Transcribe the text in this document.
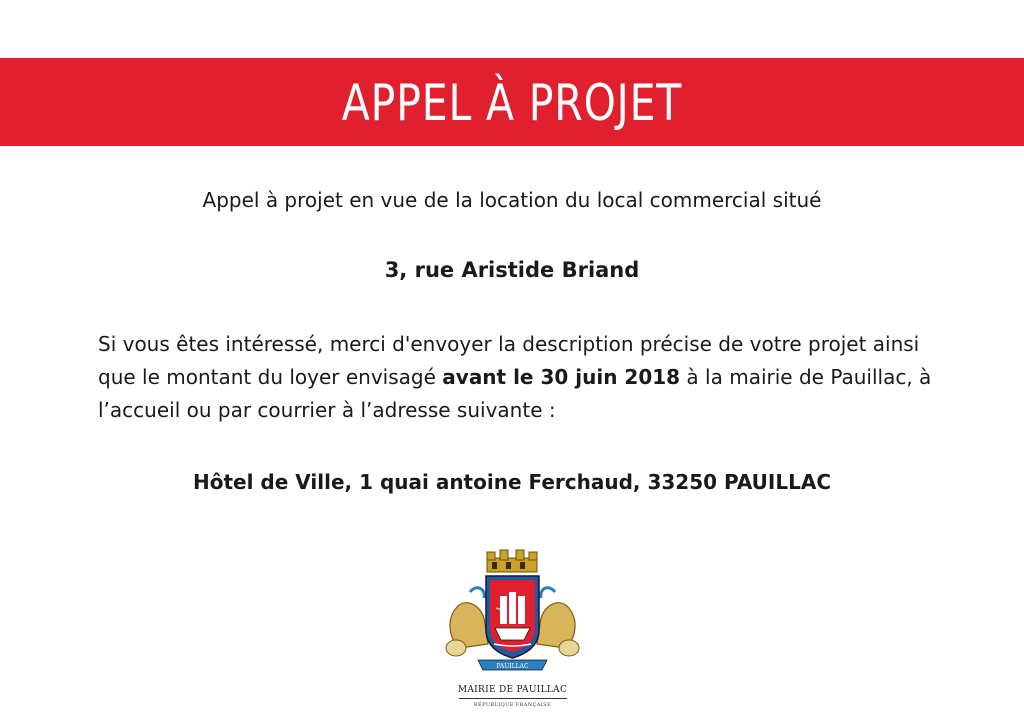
APPEL À PROJET
Appel à projet en vue de la location du local commercial situé
3, rue Aristide Briand
Si vous êtes intéressé, merci d'envoyer la description précise de votre projet ainsi que le montant du loyer envisagé avant le 30 juin 2018 à la mairie de Pauillac, à l’accueil ou par courrier à l’adresse suivante :
Hôtel de Ville, 1 quai antoine Ferchaud, 33250 PAUILLAC
PAUILLAC
MAIRIE DE PAUILLAC
RÉPUBLIQUE FRANÇAISE
